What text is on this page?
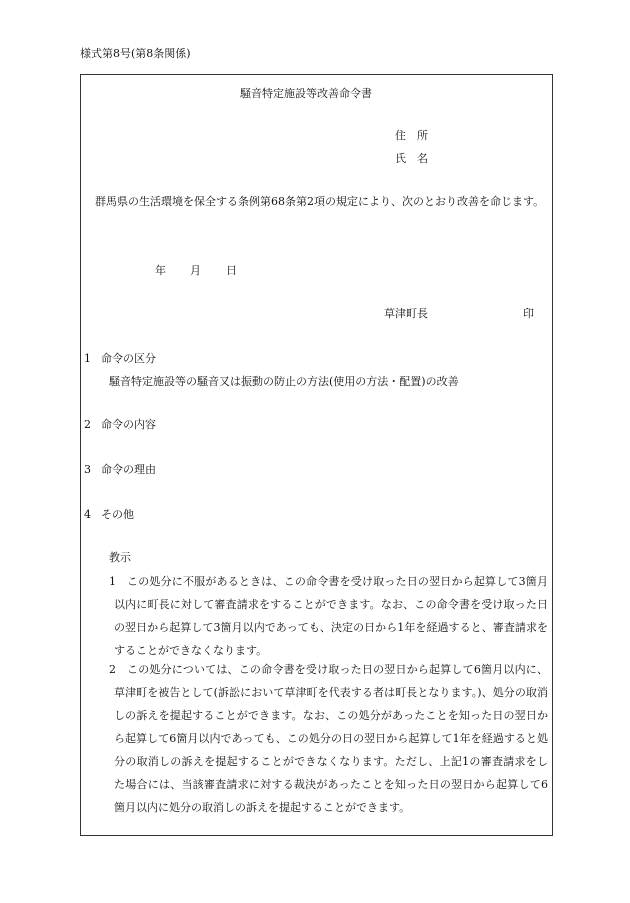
様式第8号(第8条関係)
騒音特定施設等改善命令書
住　所
氏　名
群馬県の生活環境を保全する条例第68条第2項の規定により、次のとおり改善を命じます。
年 月 日
草津町長	印
1 命令の区分
騒音特定施設等の騒音又は振動の防止の方法(使用の方法・配置)の改善
2 命令の内容
3 命令の理由
4 その他
教示
1	この処分に不服があるときは、この命令書を受け取った日の翌日から起算して3箇月以内に町長に対して審査請求をすることができます。なお、この命令書を受け取った日の翌日から起算して3箇月以内であっても、決定の日から1年を経過すると、審査請求をすることができなくなります。
2	この処分については、この命令書を受け取った日の翌日から起算して6箇月以内に、草津町を被告として(訴訟において草津町を代表する者は町長となります。)、処分の取消しの訴えを提起することができます。なお、この処分があったことを知った日の翌日から起算して6箇月以内であっても、この処分の日の翌日から起算して1年を経過すると処分の取消しの訴えを提起することができなくなります。ただし、上記1の審査請求をした場合には、当該審査請求に対する裁決があったことを知った日の翌日から起算して6箇月以内に処分の取消しの訴えを提起することができます。
